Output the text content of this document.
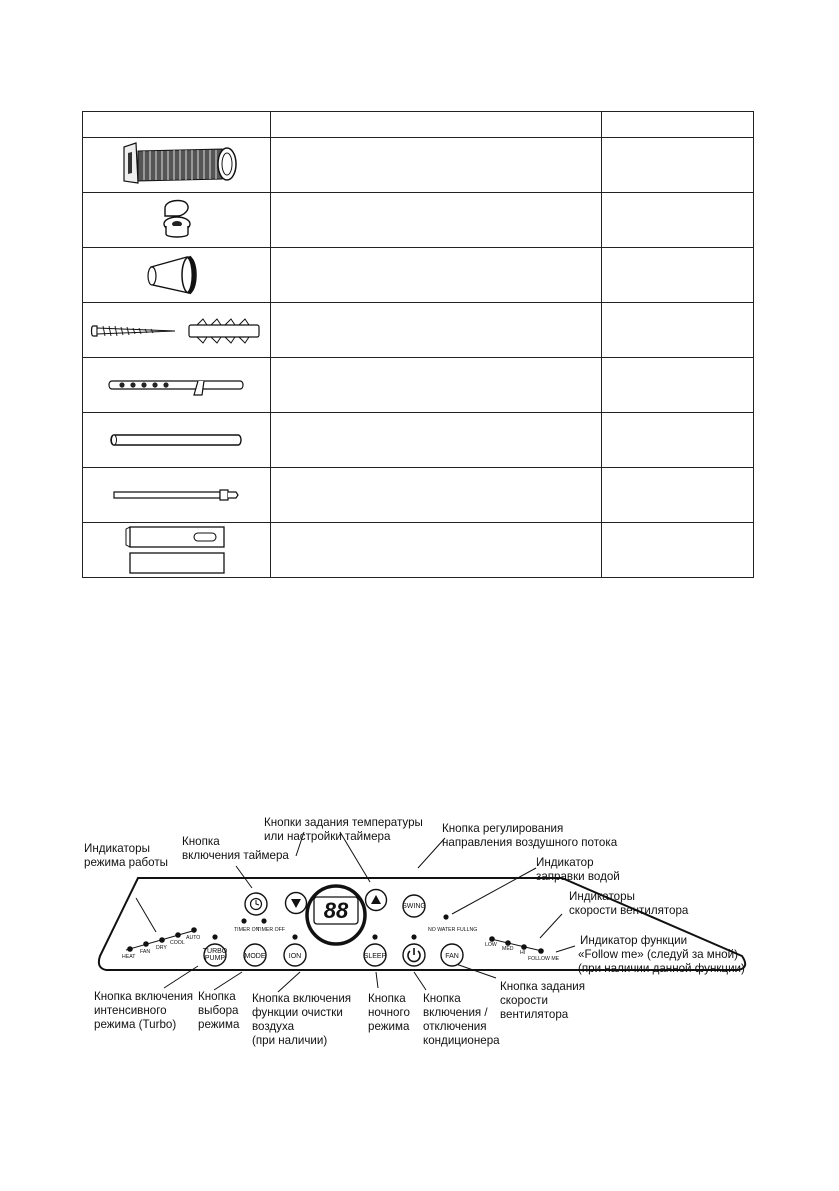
HEAT
FAN
DRY
COOL
AUTO
TIMER ON
TIMER OFF
88	SWING
NO WATER FULLNG
LOW
MED
HI
FOLLOW ME
TURBO
PUMP	MODE	ION	SLEEP	FAN
Индикаторы
режима работы
Кнопка
включения таймера
Кнопки задания температуры
или настройки таймера
Кнопка регулирования
направления воздушного потока
Индикатор
заправки водой
Индикаторы
скорости вентилятора
Индикатор функции
«Follow me» (следуй за мной)
(при наличии данной функции)
Кнопка включения
интенсивного
режима (Turbo)
Кнопка
выбора
режима
Кнопка включения
функции очистки
воздуха
(при наличии)
Кнопка
ночного
режима
Кнопка
включения /
отключения
кондиционера
Кнопка задания
скорости
вентилятора
